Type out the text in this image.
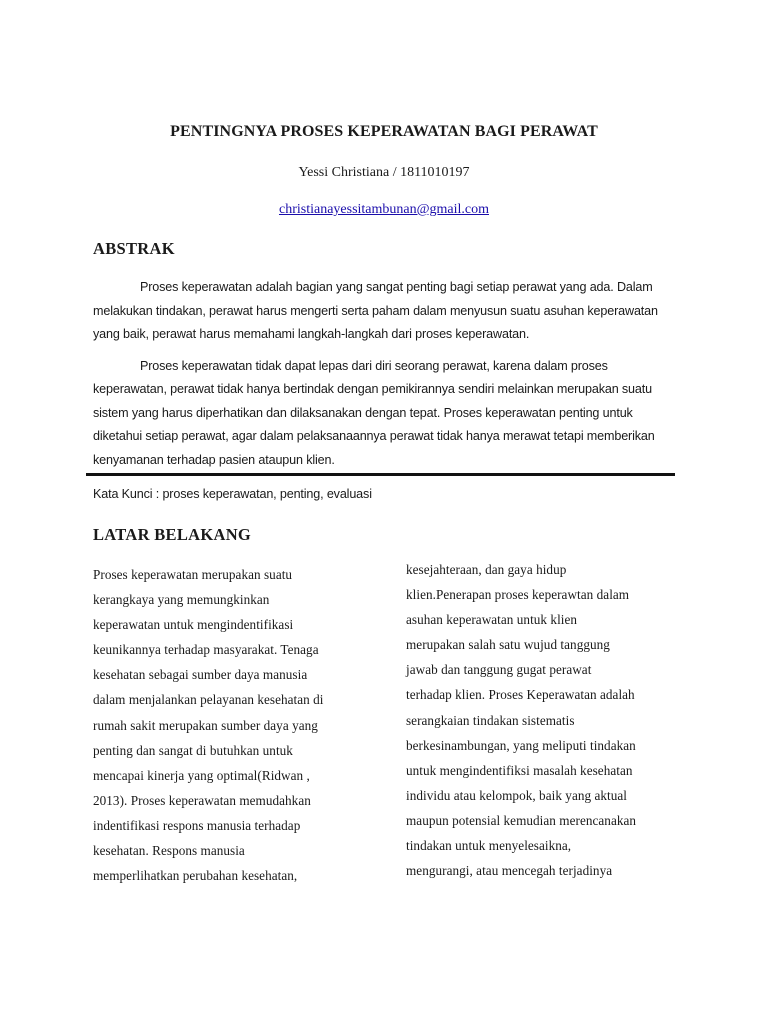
PENTINGNYA PROSES KEPERAWATAN BAGI PERAWAT
Yessi Christiana / 1811010197
christianayessitambunan@gmail.com
ABSTRAK

Proses keperawatan adalah bagian yang sangat penting bagi setiap perawat yang ada. Dalam melakukan tindakan, perawat harus mengerti serta paham dalam menyusun suatu asuhan keperawatan yang baik, perawat harus memahami langkah-langkah dari proses keperawatan.

Proses keperawatan tidak dapat lepas dari diri seorang perawat, karena dalam proses keperawatan, perawat tidak hanya bertindak dengan pemikirannya sendiri melainkan merupakan suatu sistem yang harus diperhatikan dan dilaksanakan dengan tepat. Proses keperawatan penting untuk diketahui setiap perawat, agar dalam pelaksanaannya perawat tidak hanya merawat tetapi memberikan kenyamanan terhadap pasien ataupun klien.

Kata Kunci : proses keperawatan, penting, evaluasi
LATAR BELAKANG
Proses keperawatan merupakan suatu
kerangkaya yang memungkinkan
keperawatan untuk mengindentifikasi
keunikannya terhadap masyarakat. Tenaga
kesehatan sebagai sumber daya manusia
dalam menjalankan pelayanan kesehatan di
rumah sakit merupakan sumber daya yang
penting dan sangat di butuhkan untuk
mencapai kinerja yang optimal(Ridwan ,
2013). Proses keperawatan memudahkan
indentifikasi respons manusia terhadap
kesehatan. Respons manusia
memperlihatkan perubahan kesehatan,
kesejahteraan, dan gaya hidup
klien.Penerapan proses keperawtan dalam
asuhan keperawatan untuk klien
merupakan salah satu wujud tanggung
jawab dan tanggung gugat perawat
terhadap klien. Proses Keperawatan adalah
serangkaian tindakan sistematis
berkesinambungan, yang meliputi tindakan
untuk mengindentifiksi masalah kesehatan
individu atau kelompok, baik yang aktual
maupun potensial kemudian merencanakan
tindakan untuk menyelesaikna,
mengurangi, atau mencegah terjadinya
